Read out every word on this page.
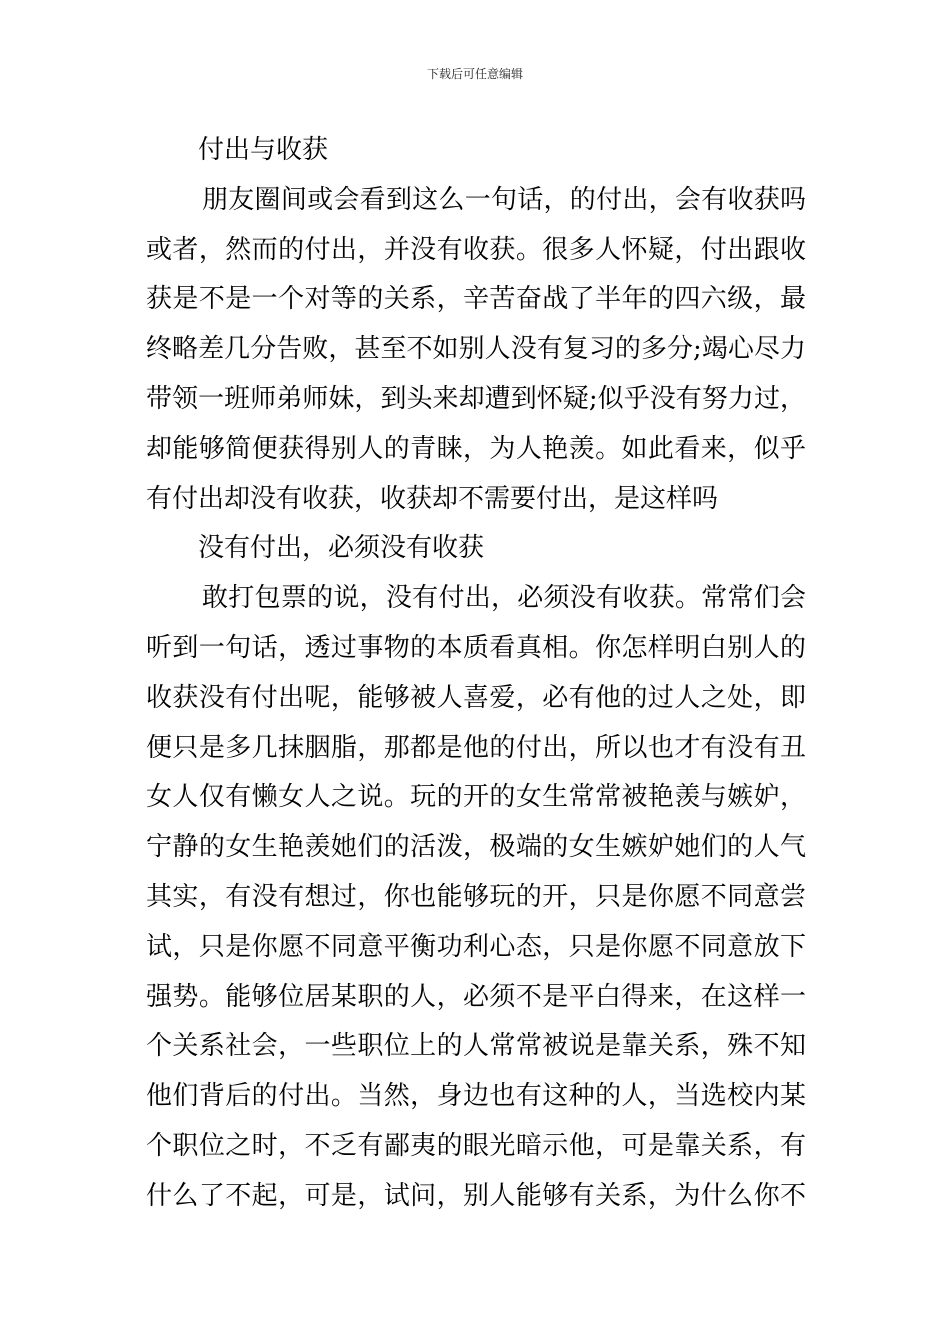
下载后可任意编辑
付出与收获
朋友圈间或会看到这么一句话，的付出，会有收获吗
或者，然而的付出，并没有收获。很多人怀疑，付出跟收
获是不是一个对等的关系，辛苦奋战了半年的四六级，最
终略差几分告败，甚至不如别人没有复习的多分;竭心尽力
带领一班师弟师妹，到头来却遭到怀疑;似乎没有努力过，
却能够简便获得别人的青睐，为人艳羡。如此看来，似乎
有付出却没有收获，收获却不需要付出，是这样吗
没有付出，必须没有收获
敢打包票的说，没有付出，必须没有收获。常常们会
听到一句话，透过事物的本质看真相。你怎样明白别人的
收获没有付出呢，能够被人喜爱，必有他的过人之处，即
便只是多几抹胭脂，那都是他的付出，所以也才有没有丑
女人仅有懒女人之说。玩的开的女生常常被艳羡与嫉妒，
宁静的女生艳羡她们的活泼，极端的女生嫉妒她们的人气
其实，有没有想过，你也能够玩的开，只是你愿不同意尝
试，只是你愿不同意平衡功利心态，只是你愿不同意放下
强势。能够位居某职的人，必须不是平白得来，在这样一
个关系社会，一些职位上的人常常被说是靠关系，殊不知
他们背后的付出。当然，身边也有这种的人，当选校内某
个职位之时，不乏有鄙夷的眼光暗示他，可是靠关系，有
什么了不起，可是，试问，别人能够有关系，为什么你不
